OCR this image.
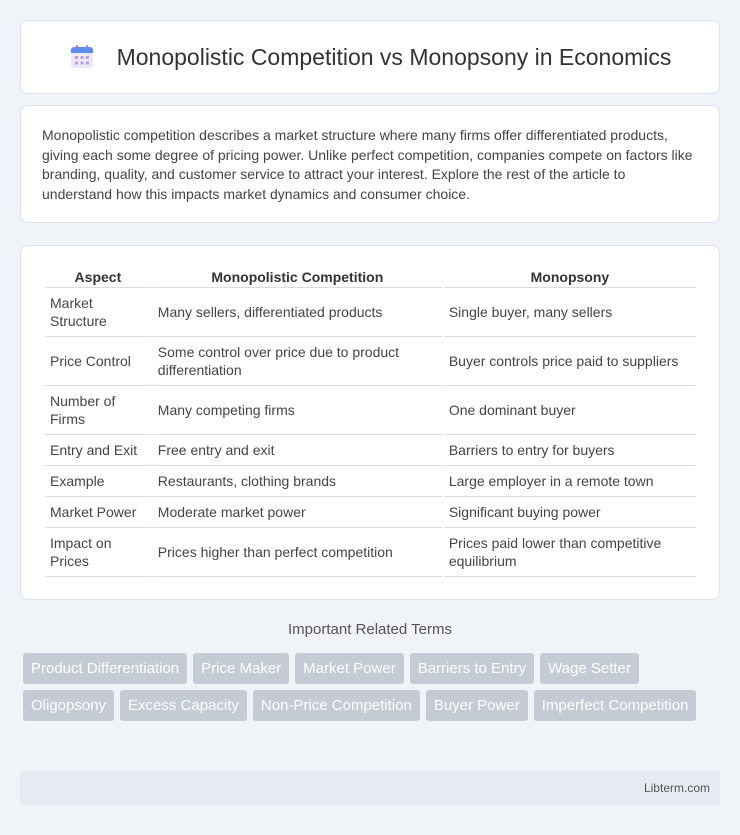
Monopolistic Competition vs Monopsony in Economics

Monopolistic competition describes a market structure where many firms offer differentiated products, giving each some degree of pricing power. Unlike perfect competition, companies compete on factors like branding, quality, and customer service to attract your interest. Explore the rest of the article to understand how this impacts market dynamics and consumer choice.

Aspect	Monopolistic Competition	Monopsony
Market Structure	Many sellers, differentiated products	Single buyer, many sellers
Price Control	Some control over price due to product differentiation	Buyer controls price paid to suppliers
Number of Firms	Many competing firms	One dominant buyer
Entry and Exit	Free entry and exit	Barriers to entry for buyers
Example	Restaurants, clothing brands	Large employer in a remote town
Market Power	Moderate market power	Significant buying power
Impact on Prices	Prices higher than perfect competition	Prices paid lower than competitive equilibrium
Important Related Terms
Product Differentiation	Price Maker	Market Power	Barriers to Entry	Wage Setter
Oligopsony	Excess Capacity	Non-Price Competition	Buyer Power	Imperfect Competition
Libterm.com
